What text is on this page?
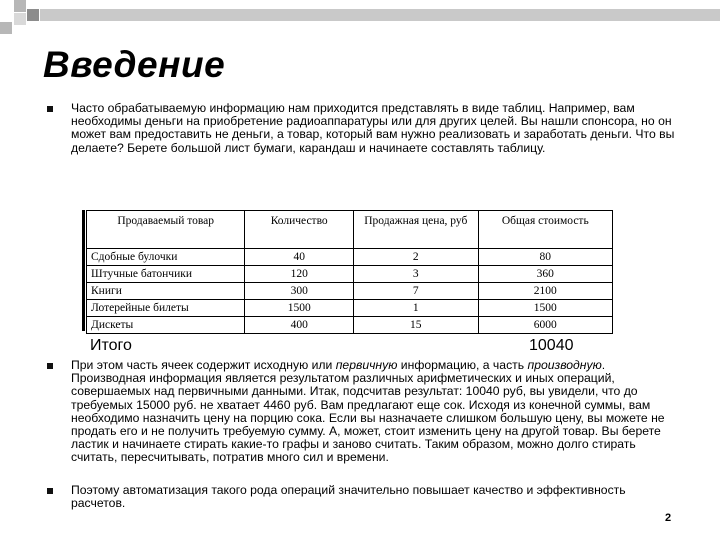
Введение

Часто обрабатываемую информацию нам приходится представлять в виде таблиц. Например, вам необходимы деньги на приобретение радиоаппаратуры или для других целей. Вы нашли спонсора, но он может вам предоставить не деньги, а товар, который вам нужно реализовать и заработать деньги. Что вы делаете? Берете большой лист бумаги, карандаш и начинаете составлять таблицу.

Продаваемый товар	Количество	Продажная цена, руб	Общая стоимость
Сдобные булочки	40	2	80
Штучные батончики	120	3	360
Книги	300	7	2100
Лотерейные билеты	1500	1	1500
Дискеты	400	15	6000
Итого	10040

При этом часть ячеек содержит исходную или первичную информацию, а часть производную. Производная информация является результатом различных арифметических и иных операций, совершаемых над первичными данными. Итак, подсчитав результат: 10040 руб, вы увидели, что до требуемых 15000 руб. не хватает 4460 руб. Вам предлагают еще сок. Исходя из конечной суммы, вам необходимо назначить цену на порцию сока. Если вы назначаете слишком большую цену, вы можете не продать его и не получить требуемую сумму. А, может, стоит изменить цену на другой товар. Вы берете ластик и начинаете стирать какие-то графы и заново считать. Таким образом, можно долго стирать считать, пересчитывать, потратив много сил и времени.

Поэтому автоматизация такого рода операций значительно повышает качество и эффективность расчетов.

2
